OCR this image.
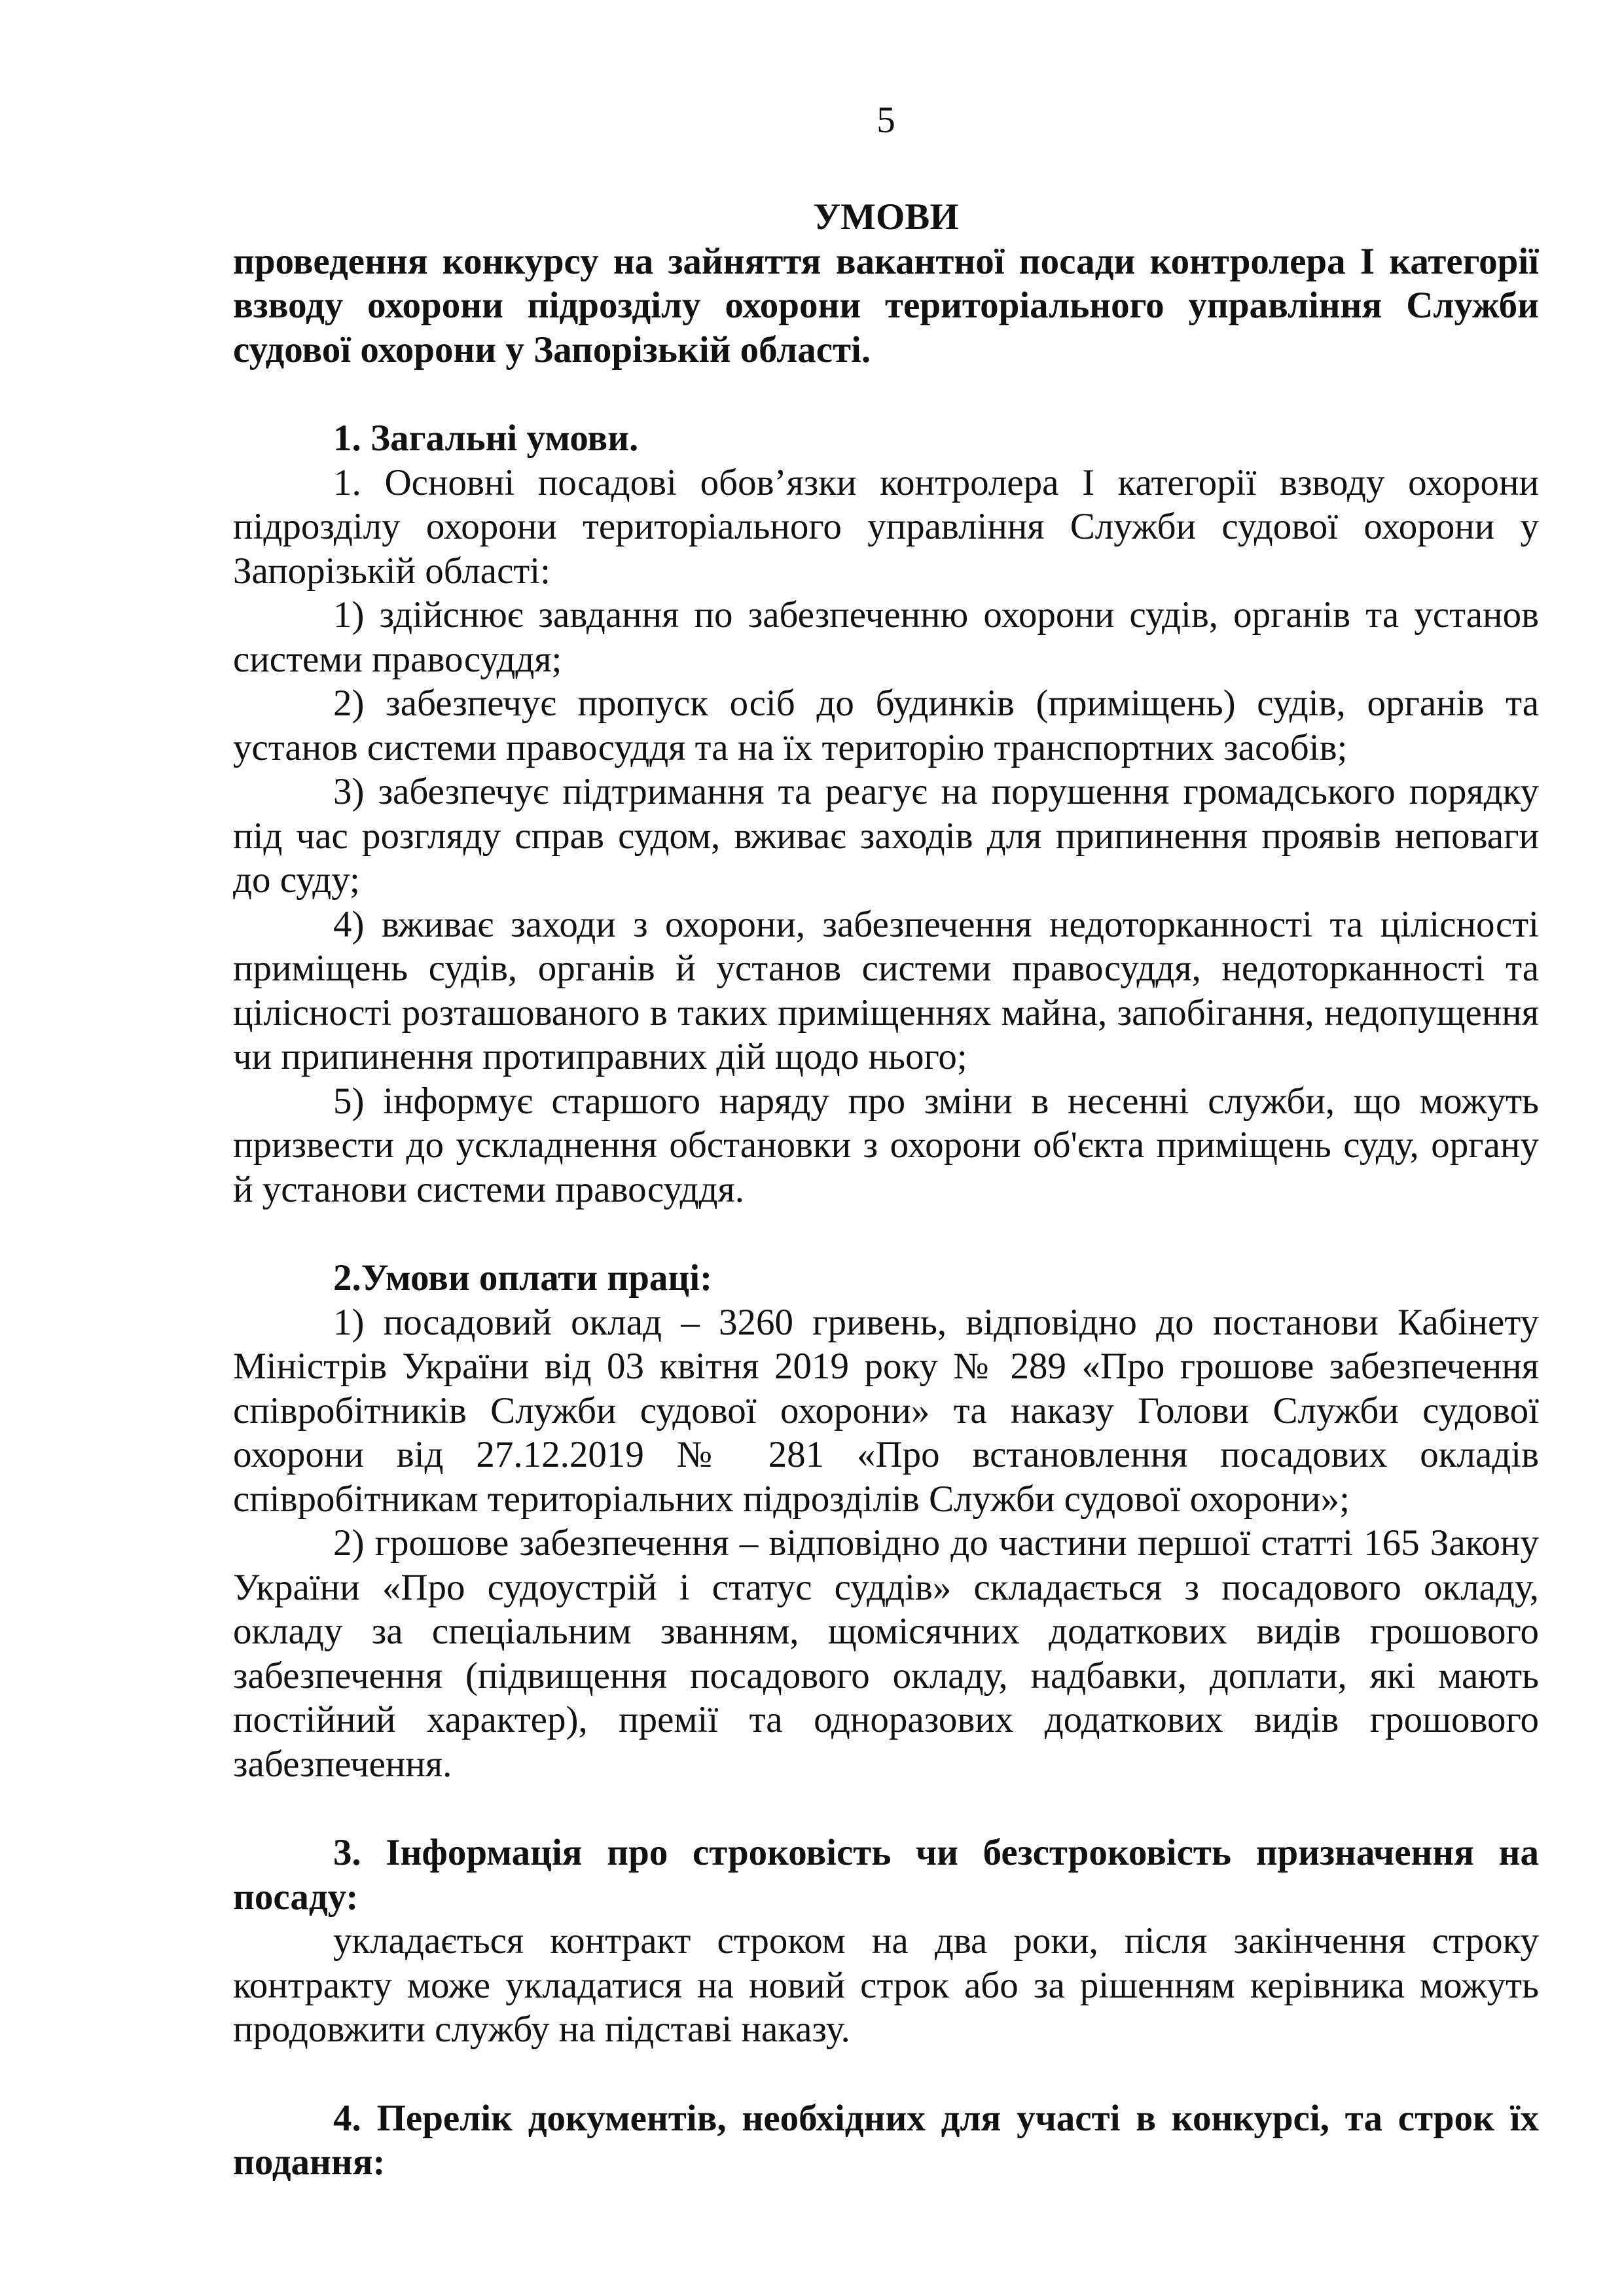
5
УМОВИ
проведення конкурсу на зайняття вакантної посади контролера І категорії взводу охорони підрозділу охорони територіального управління Служби судової охорони у Запорізькій області.
1. Загальні умови.

1. Основні посадові обов’язки контролера І категорії взводу охорони підрозділу охорони територіального управління Служби судової охорони у Запорізькій області:

1) здійснює завдання по забезпеченню охорони судів, органів та установ системи правосуддя;

2) забезпечує пропуск осіб до будинків (приміщень) судів, органів та установ системи правосуддя та на їх територію транспортних засобів;

3) забезпечує підтримання та реагує на порушення громадського порядку під час розгляду справ судом, вживає заходів для припинення проявів неповаги до суду;

4) вживає заходи з охорони, забезпечення недоторканності та цілісності приміщень судів, органів й установ системи правосуддя, недоторканності та цілісності розташованого в таких приміщеннях майна, запобігання, недопущення чи припинення протиправних дій щодо нього;

5) інформує старшого наряду про зміни в несенні служби, що можуть призвести до ускладнення обстановки з охорони об'єкта приміщень суду, органу й установи системи правосуддя.

2.Умови оплати праці:

1) посадовий оклад – 3260 гривень, відповідно до постанови Кабінету Міністрів України від 03 квітня 2019 року № 289 «Про грошове забезпечення співробітників Служби судової охорони» та наказу Голови Служби судової охорони від 27.12.2019 № 281 «Про встановлення посадових окладів співробітникам територіальних підрозділів Служби судової охорони»;

2) грошове забезпечення – відповідно до частини першої статті 165 Закону України «Про судоустрій і статус суддів» складається з посадового окладу, окладу за спеціальним званням, щомісячних додаткових видів грошового забезпечення (підвищення посадового окладу, надбавки, доплати, які мають постійний характер), премії та одноразових додаткових видів грошового забезпечення.

3. Інформація про строковість чи безстроковість призначення на посаду:

укладається контракт строком на два роки, після закінчення строку контракту може укладатися на новий строк або за рішенням керівника можуть продовжити службу на підставі наказу.

4. Перелік документів, необхідних для участі в конкурсі, та строк їх подання:
